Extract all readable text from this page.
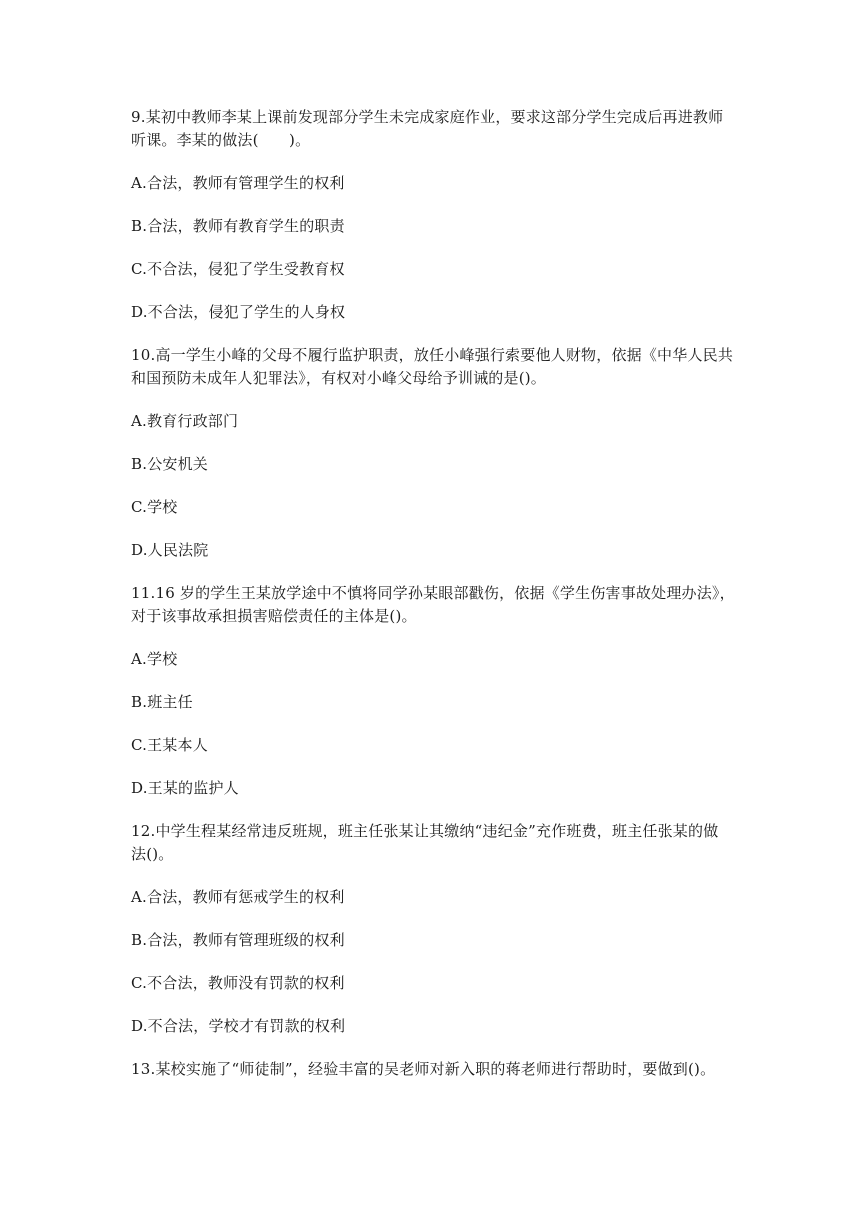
9.某初中教师李某上课前发现部分学生未完成家庭作业，要求这部分学生完成后再进教师

听课。李某的做法(　　)。

A.合法，教师有管理学生的权利

B.合法，教师有教育学生的职责

C.不合法，侵犯了学生受教育权

D.不合法，侵犯了学生的人身权

10.高一学生小峰的父母不履行监护职责，放任小峰强行索要他人财物，依据《中华人民共

和国预防未成年人犯罪法》，有权对小峰父母给予训诫的是()。

A.教育行政部门

B.公安机关

C.学校

D.人民法院

11.16 岁的学生王某放学途中不慎将同学孙某眼部戳伤，依据《学生伤害事故处理办法》，

对于该事故承担损害赔偿责任的主体是()。

A.学校

B.班主任

C.王某本人

D.王某的监护人

12.中学生程某经常违反班规，班主任张某让其缴纳“违纪金”充作班费，班主任张某的做

法()。

A.合法，教师有惩戒学生的权利

B.合法，教师有管理班级的权利

C.不合法，教师没有罚款的权利

D.不合法，学校才有罚款的权利

13.某校实施了“师徒制”，经验丰富的吴老师对新入职的蒋老师进行帮助时，要做到()。
